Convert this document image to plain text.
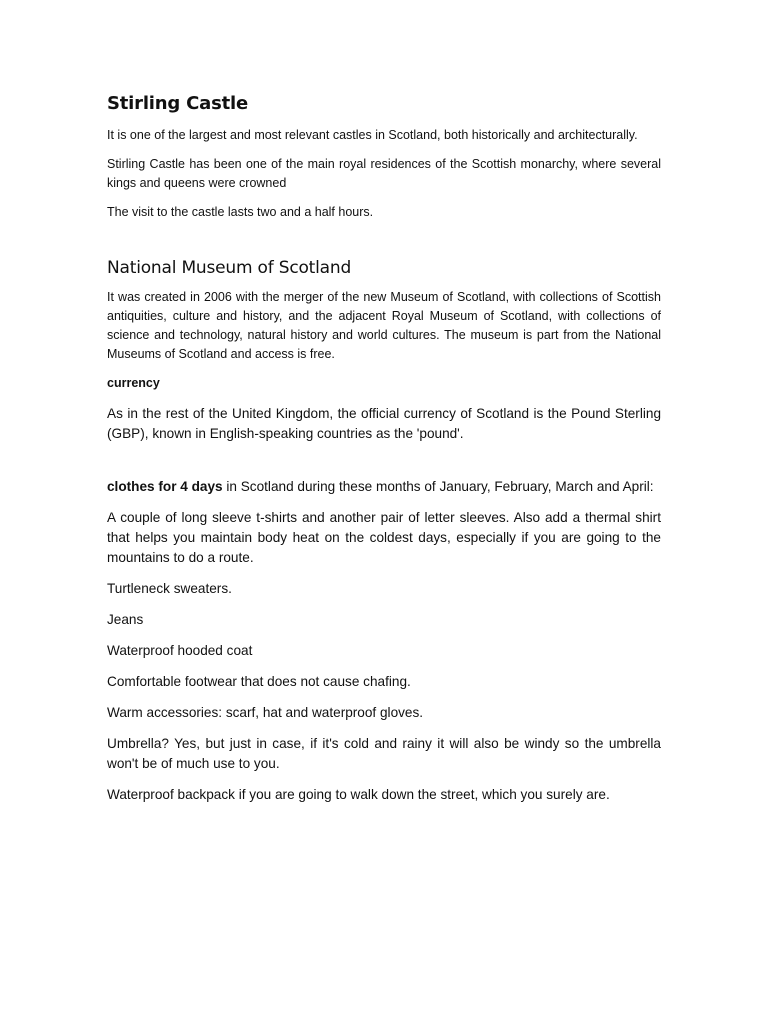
Stirling Castle

It is one of the largest and most relevant castles in Scotland, both historically and architecturally.

Stirling Castle has been one of the main royal residences of the Scottish monarchy, where several kings and queens were crowned

The visit to the castle lasts two and a half hours.

National Museum of Scotland

It was created in 2006 with the merger of the new Museum of Scotland, with collections of Scottish antiquities, culture and history, and the adjacent Royal Museum of Scotland, with collections of science and technology, natural history and world cultures. The museum is part from the National Museums of Scotland and access is free.

currency

As in the rest of the United Kingdom, the official currency of Scotland is the Pound Sterling (GBP), known in English-speaking countries as the 'pound'.

clothes for 4 days in Scotland during these months of January, February, March and April:

A couple of long sleeve t-shirts and another pair of letter sleeves. Also add a thermal shirt that helps you maintain body heat on the coldest days, especially if you are going to the mountains to do a route.

Turtleneck sweaters.

Jeans

Waterproof hooded coat

Comfortable footwear that does not cause chafing.

Warm accessories: scarf, hat and waterproof gloves.

Umbrella? Yes, but just in case, if it's cold and rainy it will also be windy so the umbrella won't be of much use to you.

Waterproof backpack if you are going to walk down the street, which you surely are.
